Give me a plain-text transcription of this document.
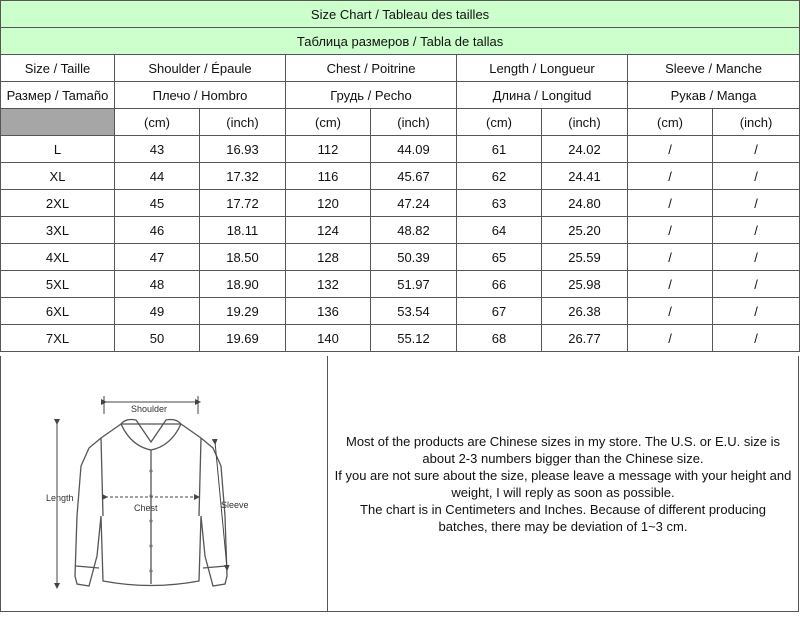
Size Chart / Tableau des tailles								
Таблица размеров / Tabla de tallas								
Size / Taille	Shoulder / Épaule		Chest / Poitrine		Length / Longueur		Sleeve / Manche	
Размер / Tamaño	Плечо / Hombro		Грудь / Pecho		Длина / Longitud		Рукав / Manga	
	(cm)	(inch)	(cm)	(inch)	(cm)	(inch)	(cm)	(inch)
L	43	16.93	112	44.09	61	24.02	/	/
XL	44	17.32	116	45.67	62	24.41	/	/
2XL	45	17.72	120	47.24	63	24.80	/	/
3XL	46	18.11	124	48.82	64	25.20	/	/
4XL	47	18.50	128	50.39	65	25.59	/	/
5XL	48	18.90	132	51.97	66	25.98	/	/
6XL	49	19.29	136	53.54	67	26.38	/	/
7XL	50	19.69	140	55.12	68	26.77	/	/
Shoulder
Length
Chest	Sleeve

Most of the products are Chinese sizes in my store. The U.S. or E.U. size is
about 2-3 numbers bigger than the Chinese size.
If you are not sure about the size, please leave a message with your height and
weight, I will reply as soon as possible.
The chart is in Centimeters and Inches. Because of different producing
batches, there may be deviation of 1~3 cm.
